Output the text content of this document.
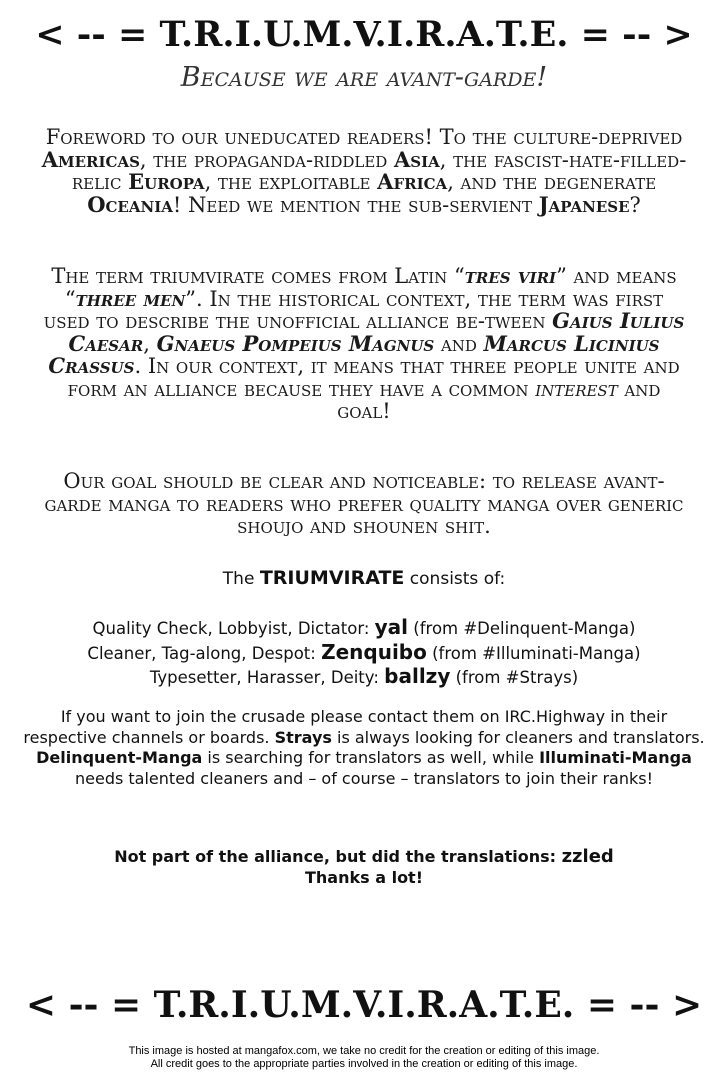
< -- = T.R.I.U.M.V.I.R.A.T.E. = -- >
Because we are avant-garde!
Foreword to our uneducated readers! To the culture-deprived Americas, the propaganda-riddled Asia, the fascist-hate-filled-relic Europa, the exploitable Africa, and the degenerate Oceania! Need we mention the sub-servient Japanese?
The term triumvirate comes from Latin “tres viri” and means “three men”. In the historical context, the term was first used to describe the unofficial alliance be-tween Gaius Iulius Caesar, Gnaeus Pompeius Magnus and Marcus Licinius Crassus. In our context, it means that three people unite and form an alliance because they have a common interest and goal!
Our goal should be clear and noticeable: to release avant-garde manga to readers who prefer quality manga over generic shoujo and shounen shit.
The TRIUMVIRATE consists of:
Quality Check, Lobbyist, Dictator: yal (from #Delinquent-Manga)
Cleaner, Tag-along, Despot: Zenquibo (from #Illuminati-Manga)
Typesetter, Harasser, Deity: ballzy (from #Strays)
If you want to join the crusade please contact them on IRC.Highway in their respective channels or boards. Strays is always looking for cleaners and translators. Delinquent-Manga is searching for translators as well, while Illuminati-Manga needs talented cleaners and – of course – translators to join their ranks!
Not part of the alliance, but did the translations: zzled
Thanks a lot!
< -- = T.R.I.U.M.V.I.R.A.T.E. = -- >
This image is hosted at mangafox.com, we take no credit for the creation or editing of this image.
All credit goes to the appropriate parties involved in the creation or editing of this image.
